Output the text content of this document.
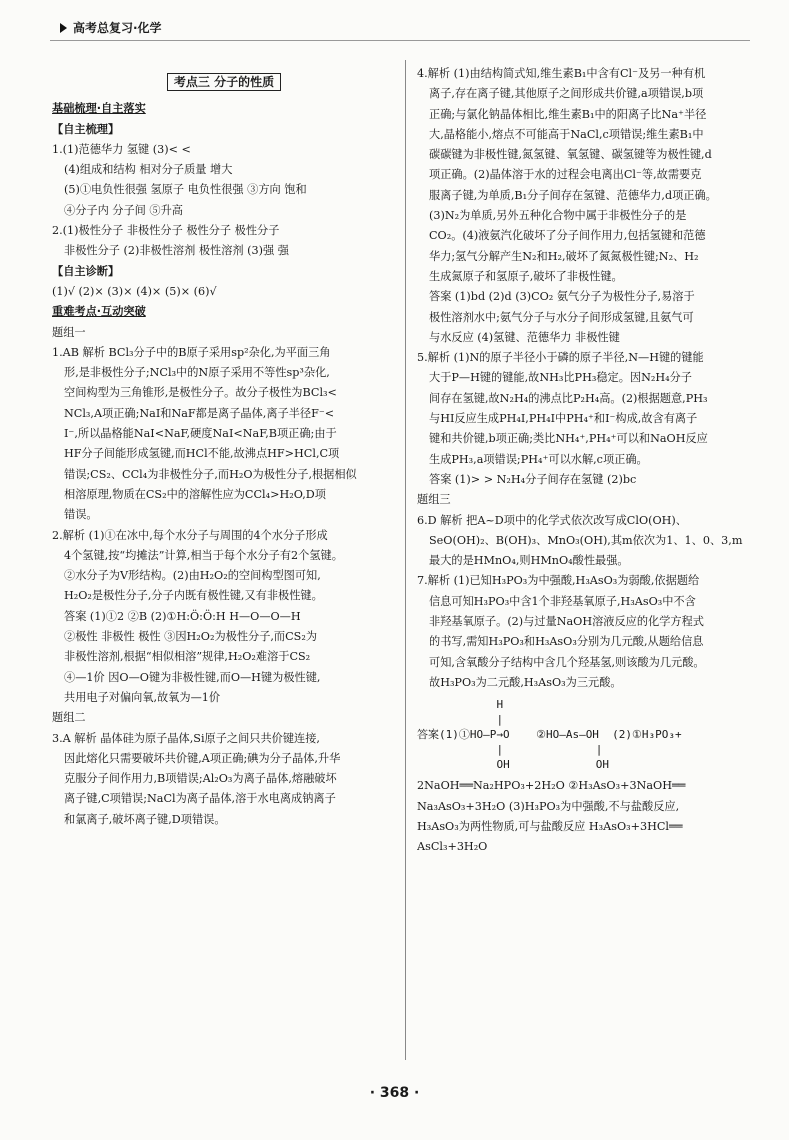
高考总复习·化学
考点三 分子的性质
基础梳理·自主落实
【自主梳理】
1.(1)范德华力 氢键 (3)< <
(4)组成和结构 相对分子质量 增大
(5)①电负性很强 氢原子 电负性很强 ③方向 饱和
④分子内 分子间 ⑤升高
2.(1)极性分子 非极性分子 极性分子 极性分子
非极性分子 (2)非极性溶剂 极性溶剂 (3)强 强
【自主诊断】
(1)√ (2)× (3)× (4)× (5)× (6)√
重难考点·互动突破
题组一
1.AB 解析 BCl₃分子中的B原子采用sp²杂化,为平面三角
形,是非极性分子;NCl₃中的N原子采用不等性sp³杂化,
空间构型为三角锥形,是极性分子。故分子极性为BCl₃<
NCl₃,A项正确;NaI和NaF都是离子晶体,离子半径F⁻<
I⁻,所以晶格能NaI<NaF,硬度NaI<NaF,B项正确;由于
HF分子间能形成氢键,而HCl不能,故沸点HF>HCl,C项
错误;CS₂、CCl₄为非极性分子,而H₂O为极性分子,根据相似
相溶原理,物质在CS₂中的溶解性应为CCl₄>H₂O,D项
错误。
2.解析 (1)①在冰中,每个水分子与周围的4个水分子形成
4个氢键,按“均摊法”计算,相当于每个水分子有2个氢键。
②水分子为V形结构。(2)由H₂O₂的空间构型图可知,
H₂O₂是极性分子,分子内既有极性键,又有非极性键。
答案 (1)①2 ②B (2)①H:Ö:Ö:H H—O—O—H
②极性 非极性 极性 ③因H₂O₂为极性分子,而CS₂为
非极性溶剂,根据“相似相溶”规律,H₂O₂难溶于CS₂
④—1价 因O—O键为非极性键,而O—H键为极性键,
共用电子对偏向氧,故氧为—1价
题组二
3.A 解析 晶体硅为原子晶体,Si原子之间只共价键连接,
因此熔化只需要破坏共价键,A项正确;碘为分子晶体,升华
克服分子间作用力,B项错误;Al₂O₃为离子晶体,熔融破坏
离子键,C项错误;NaCl为离子晶体,溶于水电离成钠离子
和氯离子,破坏离子键,D项错误。
4.解析 (1)由结构简式知,维生素B₁中含有Cl⁻及另一种有机
离子,存在离子键,其他原子之间形成共价键,a项错误,b项
正确;与氯化钠晶体相比,维生素B₁中的阳离子比Na⁺半径
大,晶格能小,熔点不可能高于NaCl,c项错误;维生素B₁中
碳碳键为非极性键,氮氢键、氧氢键、碳氢键等为极性键,d
项正确。(2)晶体溶于水的过程会电离出Cl⁻等,故需要克
服离子键,为单质,B₁分子间存在氢键、范德华力,d项正确。
(3)N₂为单质,另外五种化合物中属于非极性分子的是
CO₂。(4)液氨汽化破坏了分子间作用力,包括氢键和范德
华力;氢气分解产生N₂和H₂,破坏了氮氮极性键;N₂、H₂
生成氮原子和氢原子,破坏了非极性键。
答案 (1)bd (2)d (3)CO₂ 氨气分子为极性分子,易溶于
极性溶剂水中;氨气分子与水分子间形成氢键,且氨气可
与水反应 (4)氢键、范德华力 非极性键
5.解析 (1)N的原子半径小于磷的原子半径,N—H键的键能
大于P—H键的键能,故NH₃比PH₃稳定。因N₂H₄分子
间存在氢键,故N₂H₄的沸点比P₂H₄高。(2)根据题意,PH₃
与HI反应生成PH₄I,PH₄I中PH₄⁺和I⁻构成,故含有离子
键和共价键,b项正确;类比NH₄⁺,PH₄⁺可以和NaOH反应
生成PH₃,a项错误;PH₄⁺可以水解,c项正确。
答案 (1)> > N₂H₄分子间存在氢键 (2)bc
题组三
6.D 解析 把A~D项中的化学式依次改写成ClO(OH)、
SeO(OH)₂、B(OH)₃、MnO₃(OH),其m依次为1、1、0、3,m
最大的是HMnO₄,则HMnO₄酸性最强。
7.解析 (1)已知H₃PO₃为中强酸,H₃AsO₃为弱酸,依据题给
信息可知H₃PO₃中含1个非羟基氧原子,H₃AsO₃中不含
非羟基氧原子。(2)与过量NaOH溶液反应的化学方程式
的书写,需知H₃PO₃和H₃AsO₃分别为几元酸,从题给信息
可知,含氧酸分子结构中含几个羟基氢,则该酸为几元酸。
故H₃PO₃为二元酸,H₃AsO₃为三元酸。
H
|
答案(1)①HO—P→O    ②HO—As—OH  (2)①H₃PO₃+
|              |
OH             OH
2NaOH══Na₂HPO₃+2H₂O ②H₃AsO₃+3NaOH══
Na₃AsO₃+3H₂O (3)H₃PO₃为中强酸,不与盐酸反应,
H₃AsO₃为两性物质,可与盐酸反应 H₃AsO₃+3HCl══
AsCl₃+3H₂O
· 368 ·
